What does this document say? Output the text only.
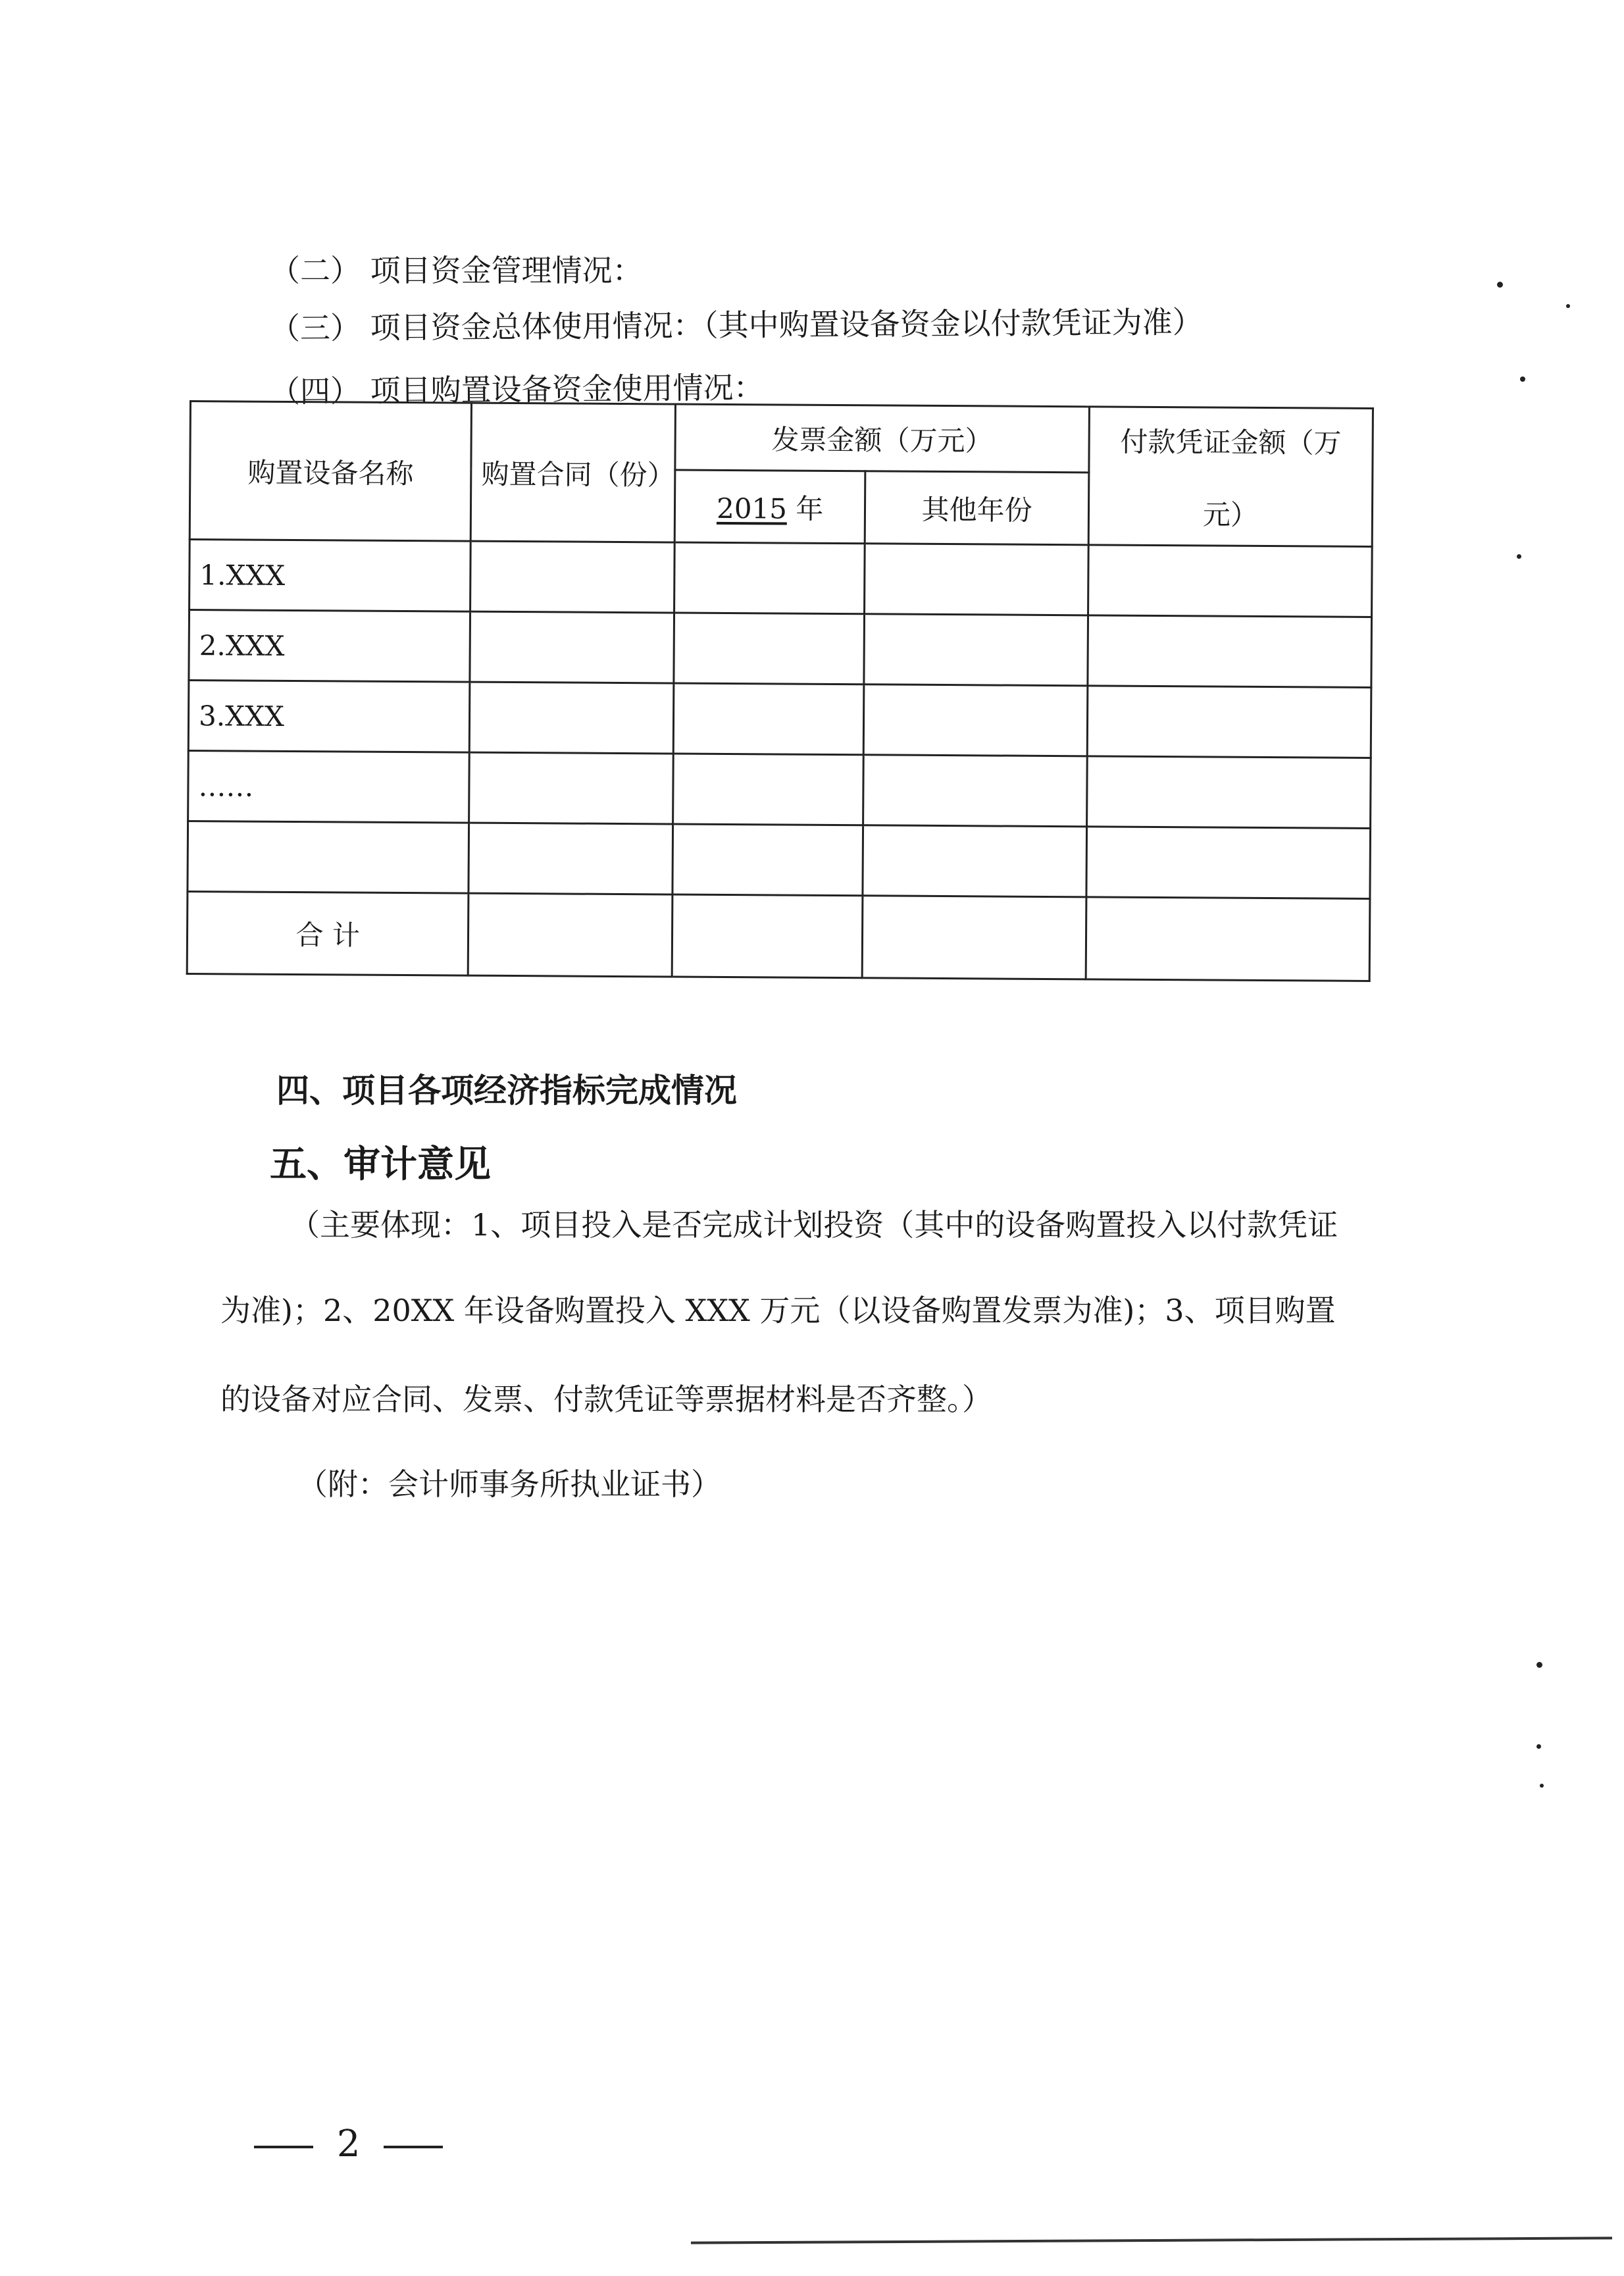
（二） 项目资金管理情况：
（三） 项目资金总体使用情况：（其中购置设备资金以付款凭证为准）
（四） 项目购置设备资金使用情况：
购置设备名称	购置合同（份）	发票金额（万元）		付款凭证金额（万
元）

		2015 年	其他年份	
1.XXX				
2.XXX				
3.XXX				
……				

合 计				
四、项目各项经济指标完成情况
五、审计意见
（主要体现：1、项目投入是否完成计划投资（其中的设备购置投入以付款凭证
为准)；2、20XX 年设备购置投入 XXX 万元（以设备购置发票为准)；3、项目购置
的设备对应合同、发票、付款凭证等票据材料是否齐整。）
（附：会计师事务所执业证书）
2
